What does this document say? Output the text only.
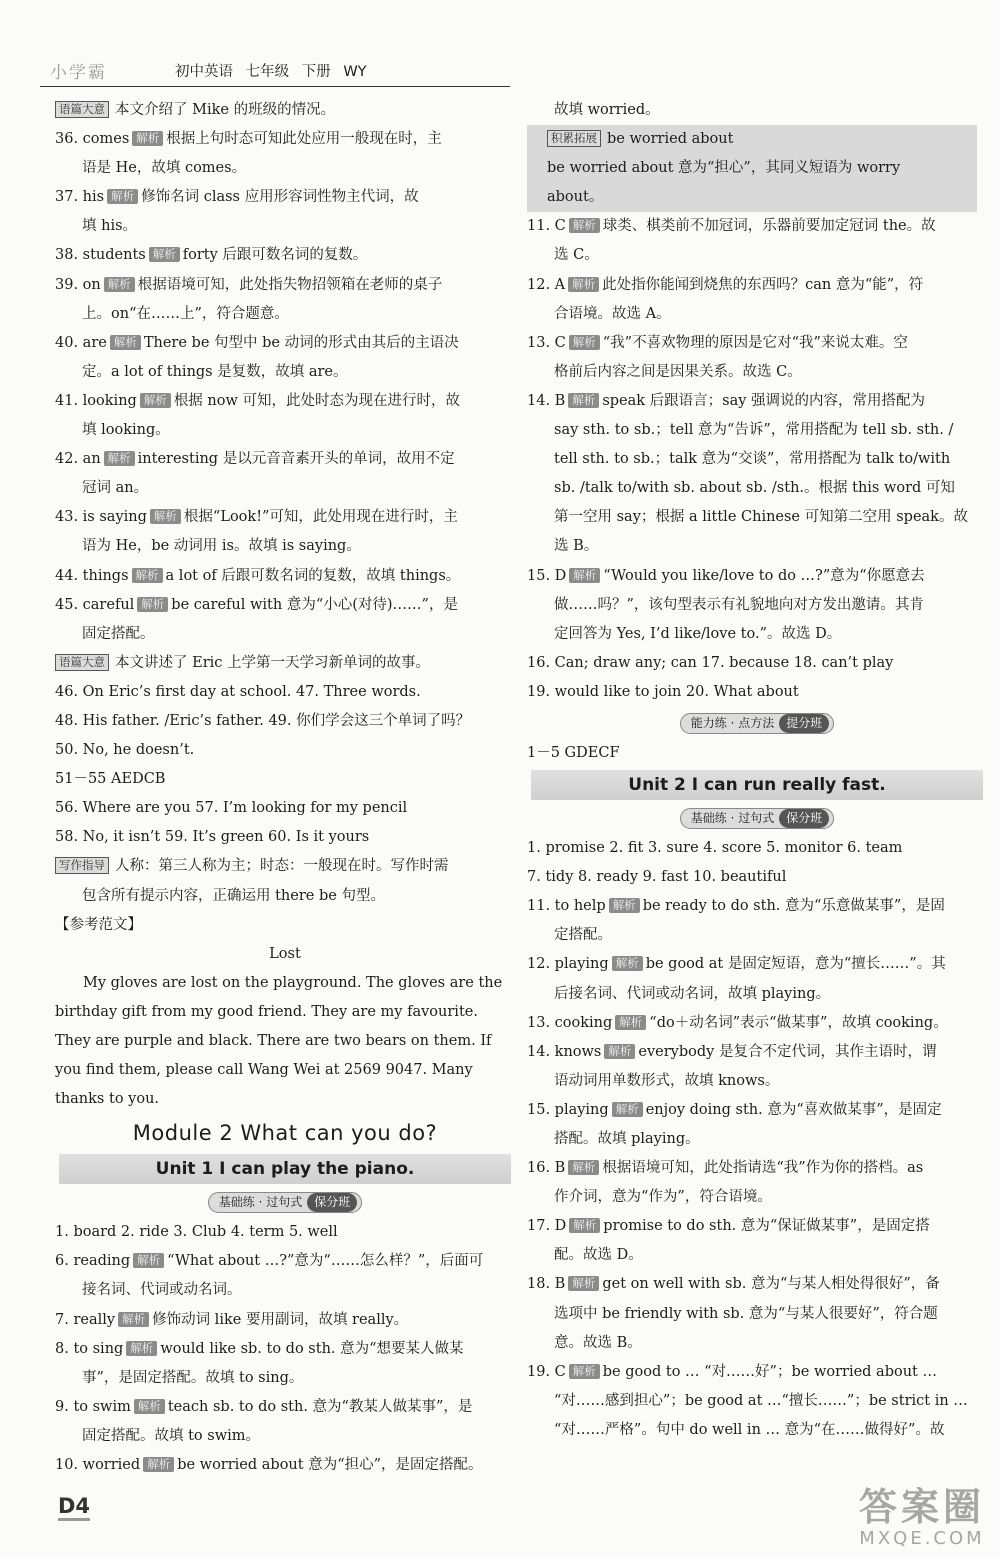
小学霸	初中英语 七年级 下册 WY
语篇大意 本文介绍了 Mike 的班级的情况。
36. comes 解析 根据上句时态可知此处应用一般现在时，主
语是 He，故填 comes。
37. his 解析 修饰名词 class 应用形容词性物主代词，故
填 his。
38. students 解析 forty 后跟可数名词的复数。
39. on 解析 根据语境可知，此处指失物招领箱在老师的桌子
上。on“在……上”，符合题意。
40. are 解析 There be 句型中 be 动词的形式由其后的主语决
定。a lot of things 是复数，故填 are。
41. looking 解析 根据 now 可知，此处时态为现在进行时，故
填 looking。
42. an 解析 interesting 是以元音音素开头的单词，故用不定
冠词 an。
43. is saying 解析 根据“Look!”可知，此处用现在进行时，主
语为 He，be 动词用 is。故填 is saying。
44. things 解析 a lot of 后跟可数名词的复数，故填 things。
45. careful 解析 be careful with 意为“小心(对待)……”，是
固定搭配。
语篇大意 本文讲述了 Eric 上学第一天学习新单词的故事。
46. On Eric’s first day at school. 47. Three words.
48. His father. /Eric’s father. 49. 你们学会这三个单词了吗？
50. No, he doesn’t.
51－55 AEDCB
56. Where are you 57. I’m looking for my pencil
58. No, it isn’t 59. It’s green 60. Is it yours
写作指导 人称：第三人称为主；时态：一般现在时。写作时需
包含所有提示内容，正确运用 there be 句型。
【参考范文】
Lost
My gloves are lost on the playground. The gloves are the birthday gift from my good friend. They are my favourite. They are purple and black. There are two bears on them. If you find them, please call Wang Wei at 2569 9047. Many thanks to you.
Module 2 What can you do?
Unit 1 I can play the piano.
基础练 · 过句式 保分班
1. board 2. ride 3. Club 4. term 5. well
6. reading 解析 “What about …?”意为“……怎么样？”，后面可
接名词、代词或动名词。
7. really 解析 修饰动词 like 要用副词，故填 really。
8. to sing 解析 would like sb. to do sth. 意为“想要某人做某
事”，是固定搭配。故填 to sing。
9. to swim 解析 teach sb. to do sth. 意为“教某人做某事”，是
固定搭配。故填 to swim。
10. worried 解析 be worried about 意为“担心”，是固定搭配。
故填 worried。
积累拓展 be worried about
be worried about 意为“担心”，其同义短语为 worry
about。
11. C 解析 球类、棋类前不加冠词，乐器前要加定冠词 the。故
选 C。
12. A 解析 此处指你能闻到烧焦的东西吗？can 意为“能”，符
合语境。故选 A。
13. C 解析 “我”不喜欢物理的原因是它对“我”来说太难。空
格前后内容之间是因果关系。故选 C。
14. B 解析 speak 后跟语言；say 强调说的内容，常用搭配为
say sth. to sb.；tell 意为“告诉”，常用搭配为 tell sb. sth. /
tell sth. to sb.；talk 意为“交谈”，常用搭配为 talk to/with
sb. /talk to/with sb. about sb. /sth.。根据 this word 可知
第一空用 say；根据 a little Chinese 可知第二空用 speak。故
选 B。
15. D 解析 “Would you like/love to do …?”意为“你愿意去
做……吗？”，该句型表示有礼貌地向对方发出邀请。其肯
定回答为 Yes, I’d like/love to.”。故选 D。
16. Can; draw any; can 17. because 18. can’t play
19. would like to join 20. What about
能力练 · 点方法 提分班
1－5 GDECF
Unit 2 I can run really fast.
基础练 · 过句式 保分班
1. promise 2. fit 3. sure 4. score 5. monitor 6. team
7. tidy 8. ready 9. fast 10. beautiful
11. to help 解析 be ready to do sth. 意为“乐意做某事”，是固
定搭配。
12. playing 解析 be good at 是固定短语，意为“擅长……”。其
后接名词、代词或动名词，故填 playing。
13. cooking 解析 “do＋动名词”表示“做某事”，故填 cooking。
14. knows 解析 everybody 是复合不定代词，其作主语时，谓
语动词用单数形式，故填 knows。
15. playing 解析 enjoy doing sth. 意为“喜欢做某事”，是固定
搭配。故填 playing。
16. B 解析 根据语境可知，此处指请选“我”作为你的搭档。as
作介词，意为“作为”，符合语境。
17. D 解析 promise to do sth. 意为“保证做某事”，是固定搭
配。故选 D。
18. B 解析 get on well with sb. 意为“与某人相处得很好”，备
选项中 be friendly with sb. 意为“与某人很要好”，符合题
意。故选 B。
19. C 解析 be good to … “对……好”；be worried about …
“对……感到担心”；be good at …“擅长……”；be strict in …
“对……严格”。句中 do well in … 意为“在……做得好”。故
D4	答案圈
MXQE.COM
